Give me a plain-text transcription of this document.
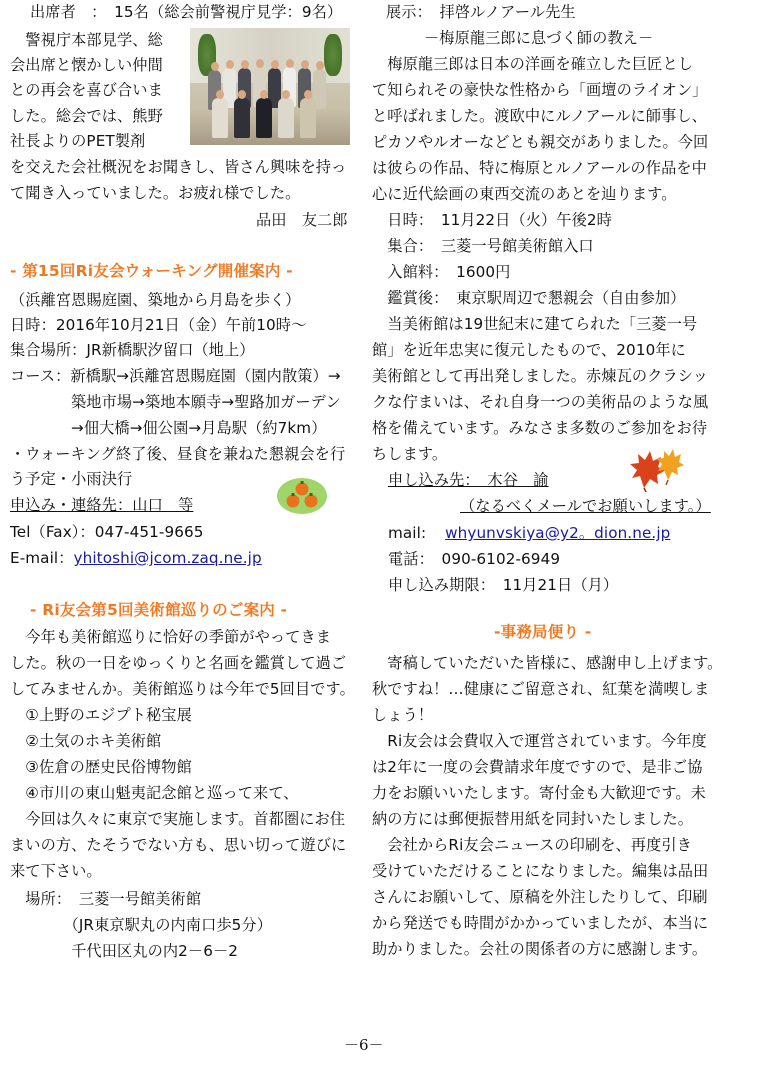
出席者　：　15名（総会前警視庁見学：9名）
　警視庁本部見学、総
会出席と懐かしい仲間
との再会を喜び合いま
した。総会では、熊野
社長よりのPET製剤
を交えた会社概況をお聞きし、皆さん興味を持っ
て聞き入っていました。お疲れ様でした。
品田　友二郎
‐ 第15回Ri友会ウォーキング開催案内 ‐
（浜離宮恩賜庭園、築地から月島を歩く）
日時：2016年10月21日（金）午前10時～
集合場所：JR新橋駅汐留口（地上）
コース：新橋駅→浜離宮恩賜庭園（園内散策）→
築地市場→築地本願寺→聖路加ガーデン
→佃大橋→佃公園→月島駅（約7km）
・ウォーキング終了後、昼食を兼ねた懇親会を行
う予定・小雨決行
申込み・連絡先：山口　等
Tel（Fax）：047-451-9665
E-mail：yhitoshi@jcom.zaq.ne.jp
‐ Ri友会第5回美術館巡りのご案内 ‐
　今年も美術館巡りに恰好の季節がやってきま
した。秋の一日をゆっくりと名画を鑑賞して過ご
してみませんか。美術館巡りは今年で5回目です。
　①上野のエジプト秘宝展
　②土気のホキ美術館
　③佐倉の歴史民俗博物館
　④市川の東山魁夷記念館と巡って来て、
　今回は久々に東京で実施します。首都圏にお住
まいの方、たそうでない方も、思い切って遊びに
来て下さい。
　場所：　三菱一号館美術館
　　　　（JR東京駅丸の内南口歩5分）
　　　　千代田区丸の内2－6－2
展示：　拝啓ルノアール先生
－梅原龍三郎に息づく師の教え－
　梅原龍三郎は日本の洋画を確立した巨匠とし
て知られその豪快な性格から「画壇のライオン」
と呼ばれました。渡欧中にルノアールに師事し、
ピカソやルオーなどとも親交がありました。今回
は彼らの作品、特に梅原とルノアールの作品を中
心に近代絵画の東西交流のあとを辿ります。
　日時：　11月22日（火）午後2時
　集合：　三菱一号館美術館入口
　入館料：　1600円
　鑑賞後：　東京駅周辺で懇親会（自由参加）
　当美術館は19世紀末に建てられた「三菱一号
館」を近年忠実に復元したもので、2010年に
美術館として再出発しました。赤煉瓦のクラシッ
クな佇まいは、それ自身一つの美術品のような風
格を備えています。みなさま多数のご参加をお待
ちします。
申し込み先：　木谷　諭
（なるべくメールでお願いします。）
mail: whyunvskiya@y2。dion.ne.jp
電話：　090-6102-6949
申し込み期限：　11月21日（月）
‐事務局便り ‐
　寄稿していただいた皆様に、感謝申し上げます。
秋ですね！…健康にご留意され、紅葉を満喫しま
しょう！
　Ri友会は会費収入で運営されています。今年度
は2年に一度の会費請求年度ですので、是非ご協
力をお願いいたします。寄付金も大歓迎です。未
納の方には郵便振替用紙を同封いたしました。
　会社からRi友会ニュースの印刷を、再度引き
受けていただけることになりました。編集は品田
さんにお願いして、原稿を外注したりして、印刷
から発送でも時間がかかっていましたが、本当に
助かりました。会社の関係者の方に感謝します。
－6－
